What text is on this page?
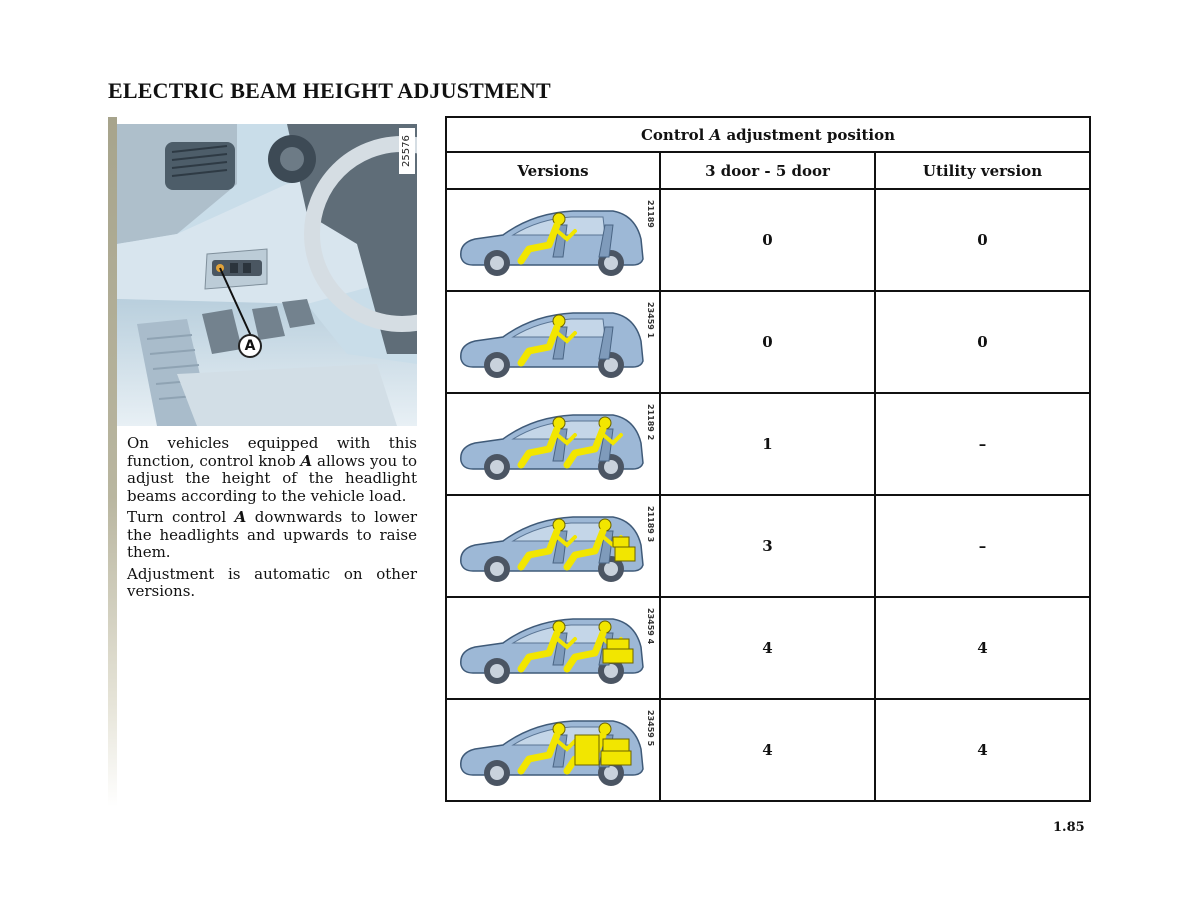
ELECTRIC BEAM HEIGHT ADJUSTMENT
25576
A

On vehicles equipped with this function, control knob A allows you to adjust the height of the headlight beams according to the vehicle load.

Turn control A downwards to lower the headlights and upwards to raise them.

Adjustment is automatic on other versions.

Control A adjustment position		
Versions	3 door - 5 door	Utility version

21189	0	0

23459 1	0	0

21189 2	1	–

21189 3	3	–

23459 4	4	4

23459 5	4	4
1.85
